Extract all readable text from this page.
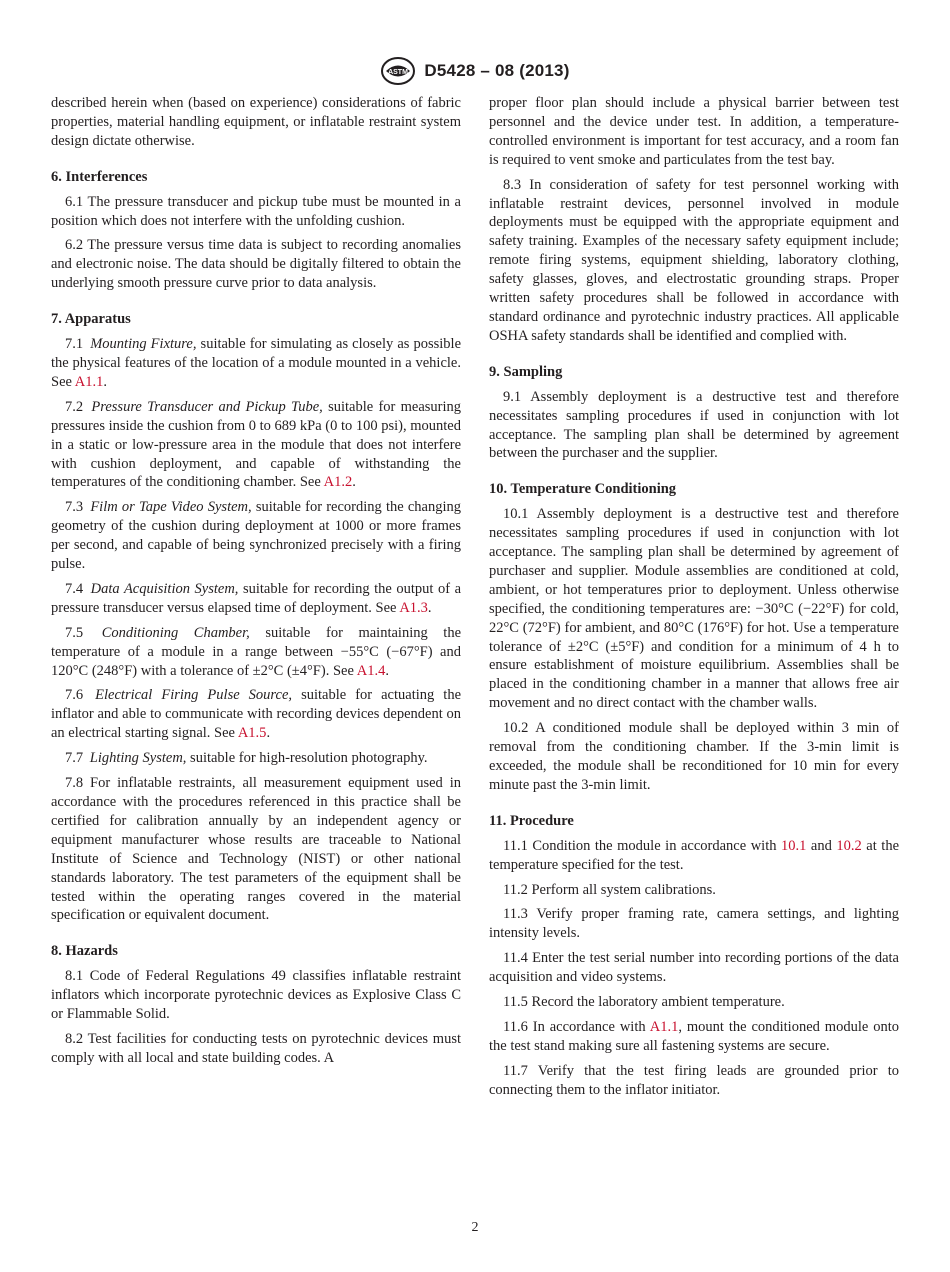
ASTM D5428 – 08 (2013)

described herein when (based on experience) considerations of fabric properties, material handling equipment, or inflatable restraint system design dictate otherwise.

6. Interferences

6.1 The pressure transducer and pickup tube must be mounted in a position which does not interfere with the unfolding cushion.

6.2 The pressure versus time data is subject to recording anomalies and electronic noise. The data should be digitally filtered to obtain the underlying smooth pressure curve prior to data analysis.

7. Apparatus

7.1 Mounting Fixture, suitable for simulating as closely as possible the physical features of the location of a module mounted in a vehicle. See A1.1.

7.2 Pressure Transducer and Pickup Tube, suitable for measuring pressures inside the cushion from 0 to 689 kPa (0 to 100 psi), mounted in a static or low-pressure area in the module that does not interfere with cushion deployment, and capable of withstanding the temperatures of the conditioning chamber. See A1.2.

7.3 Film or Tape Video System, suitable for recording the changing geometry of the cushion during deployment at 1000 or more frames per second, and capable of being synchronized precisely with a firing pulse.

7.4 Data Acquisition System, suitable for recording the output of a pressure transducer versus elapsed time of deployment. See A1.3.

7.5 Conditioning Chamber, suitable for maintaining the temperature of a module in a range between −55°C (−67°F) and 120°C (248°F) with a tolerance of ±2°C (±4°F). See A1.4.

7.6 Electrical Firing Pulse Source, suitable for actuating the inflator and able to communicate with recording devices dependent on an electrical starting signal. See A1.5.

7.7 Lighting System, suitable for high-resolution photography.

7.8 For inflatable restraints, all measurement equipment used in accordance with the procedures referenced in this practice shall be certified for calibration annually by an independent agency or equipment manufacturer whose results are traceable to National Institute of Science and Technology (NIST) or other national standards laboratory. The test parameters of the equipment shall be tested within the operating ranges covered in the material specification or equivalent document.

8. Hazards

8.1 Code of Federal Regulations 49 classifies inflatable restraint inflators which incorporate pyrotechnic devices as Explosive Class C or Flammable Solid.

8.2 Test facilities for conducting tests on pyrotechnic devices must comply with all local and state building codes. A

proper floor plan should include a physical barrier between test personnel and the device under test. In addition, a temperature-controlled environment is important for test accuracy, and a room fan is required to vent smoke and particulates from the test bay.

8.3 In consideration of safety for test personnel working with inflatable restraint devices, personnel involved in module deployments must be equipped with the appropriate equipment and safety training. Examples of the necessary safety equipment include; remote firing systems, equipment shielding, laboratory clothing, safety glasses, gloves, and electrostatic grounding straps. Proper written safety procedures shall be followed in accordance with standard ordinance and pyrotechnic industry practices. All applicable OSHA safety standards shall be identified and complied with.

9. Sampling

9.1 Assembly deployment is a destructive test and therefore necessitates sampling procedures if used in conjunction with lot acceptance. The sampling plan shall be determined by agreement between the purchaser and the supplier.

10. Temperature Conditioning

10.1 Assembly deployment is a destructive test and therefore necessitates sampling procedures if used in conjunction with lot acceptance. The sampling plan shall be determined by agreement of purchaser and supplier. Module assemblies are conditioned at cold, ambient, or hot temperatures prior to deployment. Unless otherwise specified, the conditioning temperatures are: −30°C (−22°F) for cold, 22°C (72°F) for ambient, and 80°C (176°F) for hot. Use a temperature tolerance of ±2°C (±5°F) and condition for a minimum of 4 h to ensure establishment of moisture equilibrium. Assemblies shall be placed in the conditioning chamber in a manner that allows free air movement and no direct contact with the chamber walls.

10.2 A conditioned module shall be deployed within 3 min of removal from the conditioning chamber. If the 3-min limit is exceeded, the module shall be reconditioned for 10 min for every minute past the 3-min limit.

11. Procedure

11.1 Condition the module in accordance with 10.1 and 10.2 at the temperature specified for the test.

11.2 Perform all system calibrations.

11.3 Verify proper framing rate, camera settings, and lighting intensity levels.

11.4 Enter the test serial number into recording portions of the data acquisition and video systems.

11.5 Record the laboratory ambient temperature.

11.6 In accordance with A1.1, mount the conditioned module onto the test stand making sure all fastening systems are secure.

11.7 Verify that the test firing leads are grounded prior to connecting them to the inflator initiator.

2
